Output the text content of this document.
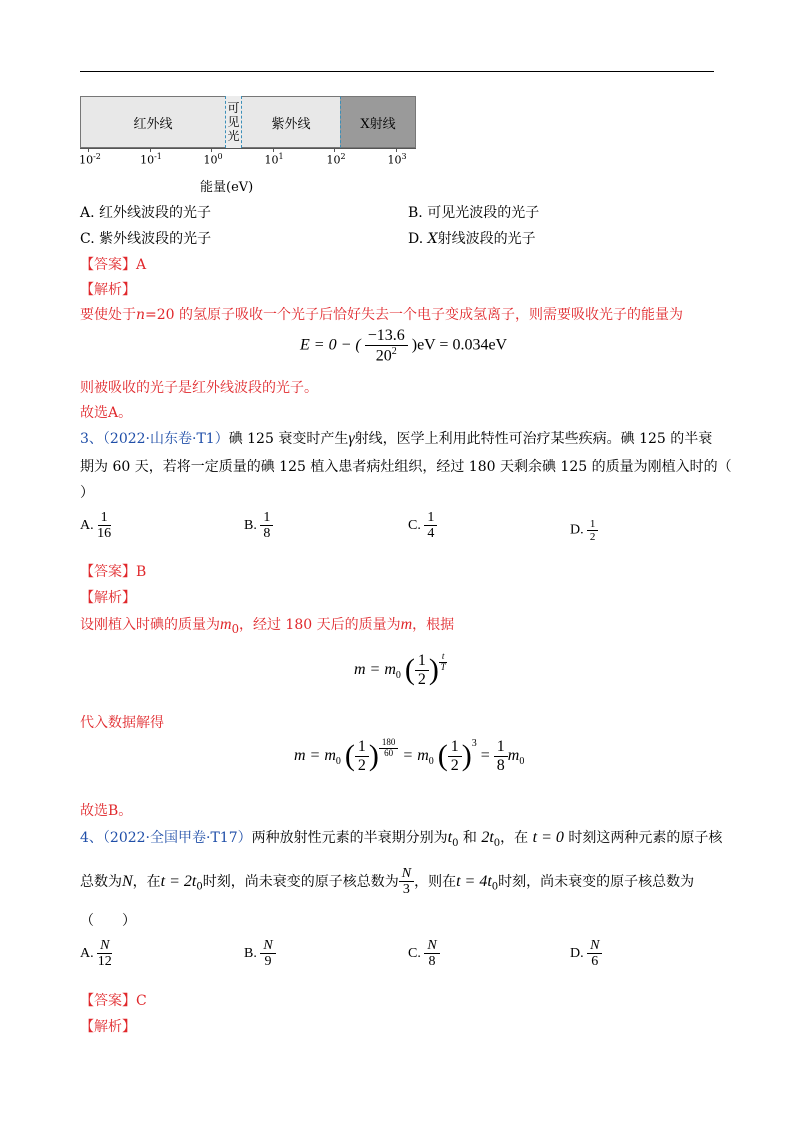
红外线
可
见
光
紫外线	X射线
$10^{-2}$	$10^{-1}$	$10^0$	$10^1$	$10^2$	$10^3$
能量(eV)
A. 红外线波段的光子	B. 可见光波段的光子
C. 紫外线波段的光子	D. X射线波段的光子
【答案】A
【解析】
要使处于n=20 的氢原子吸收一个光子后恰好失去一个电子变成氢离子，则需要吸收光子的能量为
E = 0 − ( $\frac{-13.6}{20^2} )eV = 0.034eV$
则被吸收的光子是红外线波段的光子。
故选A。
3、（2022·山东卷·T1）碘 125 衰变时产生γ射线，医学上利用此特性可治疗某些疾病。碘 125 的半衰
期为 60 天，若将一定质量的碘 125 植入患者病灶组织，经过 180 天剩余碘 125 的质量为刚植入时的（
）
A. $\frac{1}{16}$	B. $\frac{1}{8}$	C. $\frac{1}{4}$	D. $\frac{1}{2}$
【答案】B
【解析】
设刚植入时碘的质量为$m_0$，经过 180 天后的质量为m，根据
$m = m_0$ ( $\frac{1}{2}$ ) $\frac{t}{T}$
代入数据解得
$m = m_0$ ( $\frac{1}{2}$ ) $\frac{180}{60} = m_0$ ( $\frac{1}{2} )^3 = \frac{1}{8} m_0$
故选B。
4、（2022·全国甲卷·T17）两种放射性元素的半衰期分别为$t_0$ 和 $2t_0$，在 t = 0 时刻这两种元素的原子核
总数为N，在$t = 2t_0$时刻，尚未衰变的原子核总数为 $\frac{N}{3}$ ，则在$t = 4t_0$时刻，尚未衰变的原子核总数为
（　　）
A. $\frac{N}{12}$	B. $\frac{N}{9}$	C. $\frac{N}{8}$	D. $\frac{N}{6}$
【答案】C
【解析】
